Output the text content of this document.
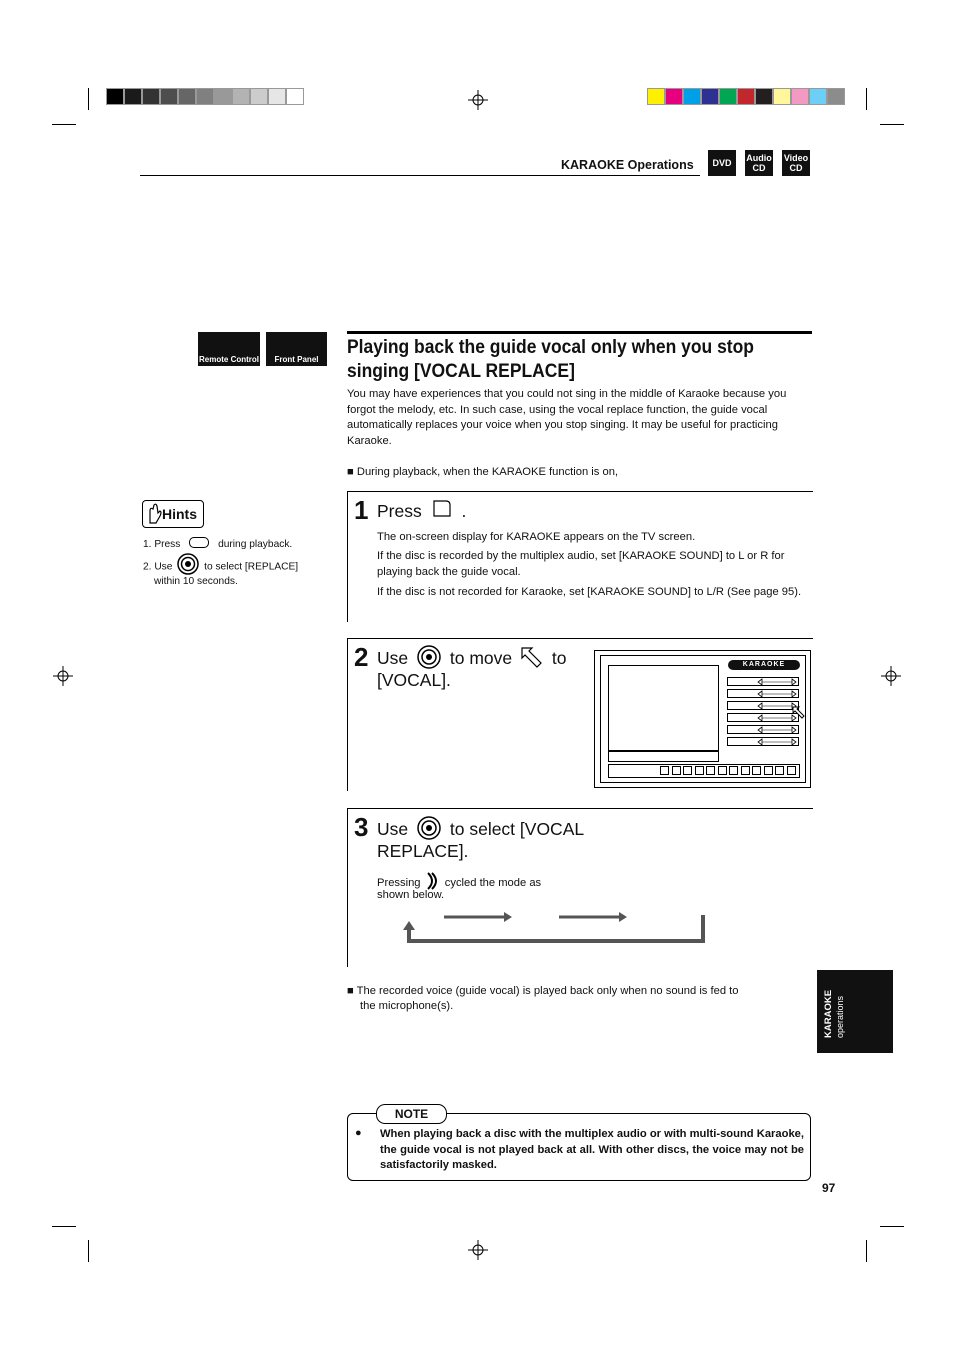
KARAOKE Operations DVD Audio
CD
Video
CD
Remote Control Front Panel
Playing back the guide vocal only when you stop singing [VOCAL REPLACE]
You may have experiences that you could not sing in the middle of Karaoke because you forgot the melody, etc. In such case, using the vocal replace function, the guide vocal automatically replaces your voice when you stop singing. It may be useful for practicing Karaoke.
■ During playback, when the KARAOKE function is on,
Hints
1. Press	during playback.
2. Use	to select [REPLACE]
within 10 seconds.
1 Press .
The on-screen display for KARAOKE appears on the TV screen.
If the disc is recorded by the multiplex audio, set [KARAOKE SOUND] to L or R for playing back the guide vocal.
If the disc is not recorded for Karaoke, set [KARAOKE SOUND] to L/R (See page 95).
2 Use to move to
[VOCAL].
KARAOKE
3 Use to select [VOCAL
REPLACE].
Pressing cycled the mode as
shown below.
■ The recorded voice (guide vocal) is played back only when no sound is fed to
the microphone(s).	KARAOKE operations
NOTE
● When playing back a disc with the multiplex audio or with multi-sound Karaoke, the guide vocal is not played back at all. With other discs, the voice may not be satisfactorily masked.
97
